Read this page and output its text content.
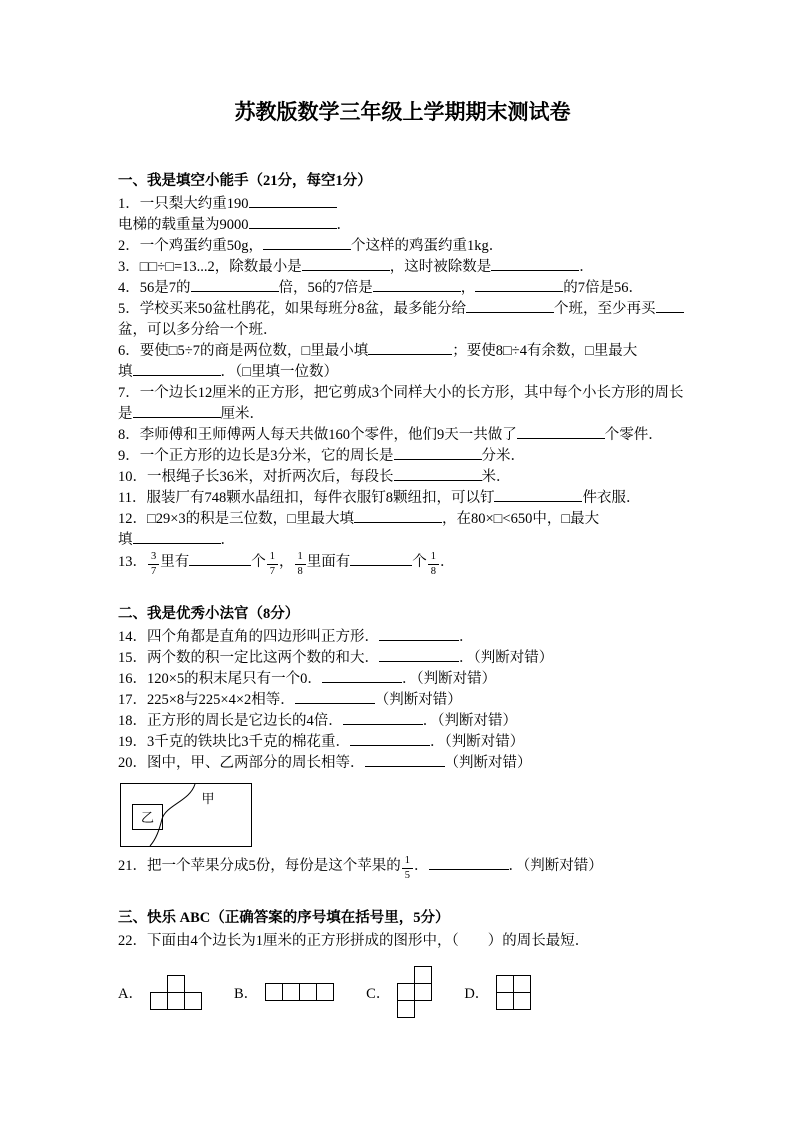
苏教版数学三年级上学期期末测试卷

一、我是填空小能手（21分，每空1分）

1．一只梨大约重190

电梯的载重量为9000	．

2．一个鸡蛋约重50g，	个这样的鸡蛋约重1kg．

3．□□÷□=13...2，除数最小是	，这时被除数是	．

4．56是7的	倍，56的7倍是	，	的7倍是56．

5．学校买来50盆杜鹃花，如果每班分8盆，最多能分给	个班，至少再买

盆，可以多分给一个班．

6．要使□5÷7的商是两位数，□里最小填	；要使8□÷4有余数，□里最大

填	．（□里填一位数）

7．一个边长12厘米的正方形，把它剪成3个同样大小的长方形，其中每个小长方形的周长

是	厘米．

8．李师傅和王师傅两人每天共做160个零件，他们9天一共做了	个零件．

9．一个正方形的边长是3分米，它的周长是	分米．

10．一根绳子长36米，对折两次后，每段长	米．

11．服装厂有748颗水晶纽扣，每件衣服钉8颗纽扣，可以钉	件衣服．

12．□29×3的积是三位数，□里最大填	，在80×□<650中，□最大

填	．

13． $\frac{3}{7}$ 里有	个 $\frac{1}{7}$ ， $\frac{1}{8}$ 里面有	个 $\frac{1}{8}$ ．

二、我是优秀小法官（8分）

14．四个角都是直角的四边形叫正方形．	．

15．两个数的积一定比这两个数的和大．	．（判断对错）

16．120×5的积末尾只有一个0．	．（判断对错）

17．225×8与225×4×2相等．	（判断对错）

18．正方形的周长是它边长的4倍．	．（判断对错）

19．3千克的铁块比3千克的棉花重．	．（判断对错）

20．图中，甲、乙两部分的周长相等．	（判断对错）

乙
甲

21．把一个苹果分成5份，每份是这个苹果的 $\frac{1}{5}$ ．	．（判断对错）

三、快乐 ABC（正确答案的序号填在括号里，5分）

22．下面由4个边长为1厘米的正方形拼成的图形中，（　　）的周长最短．

A．	B．	C．	D．
